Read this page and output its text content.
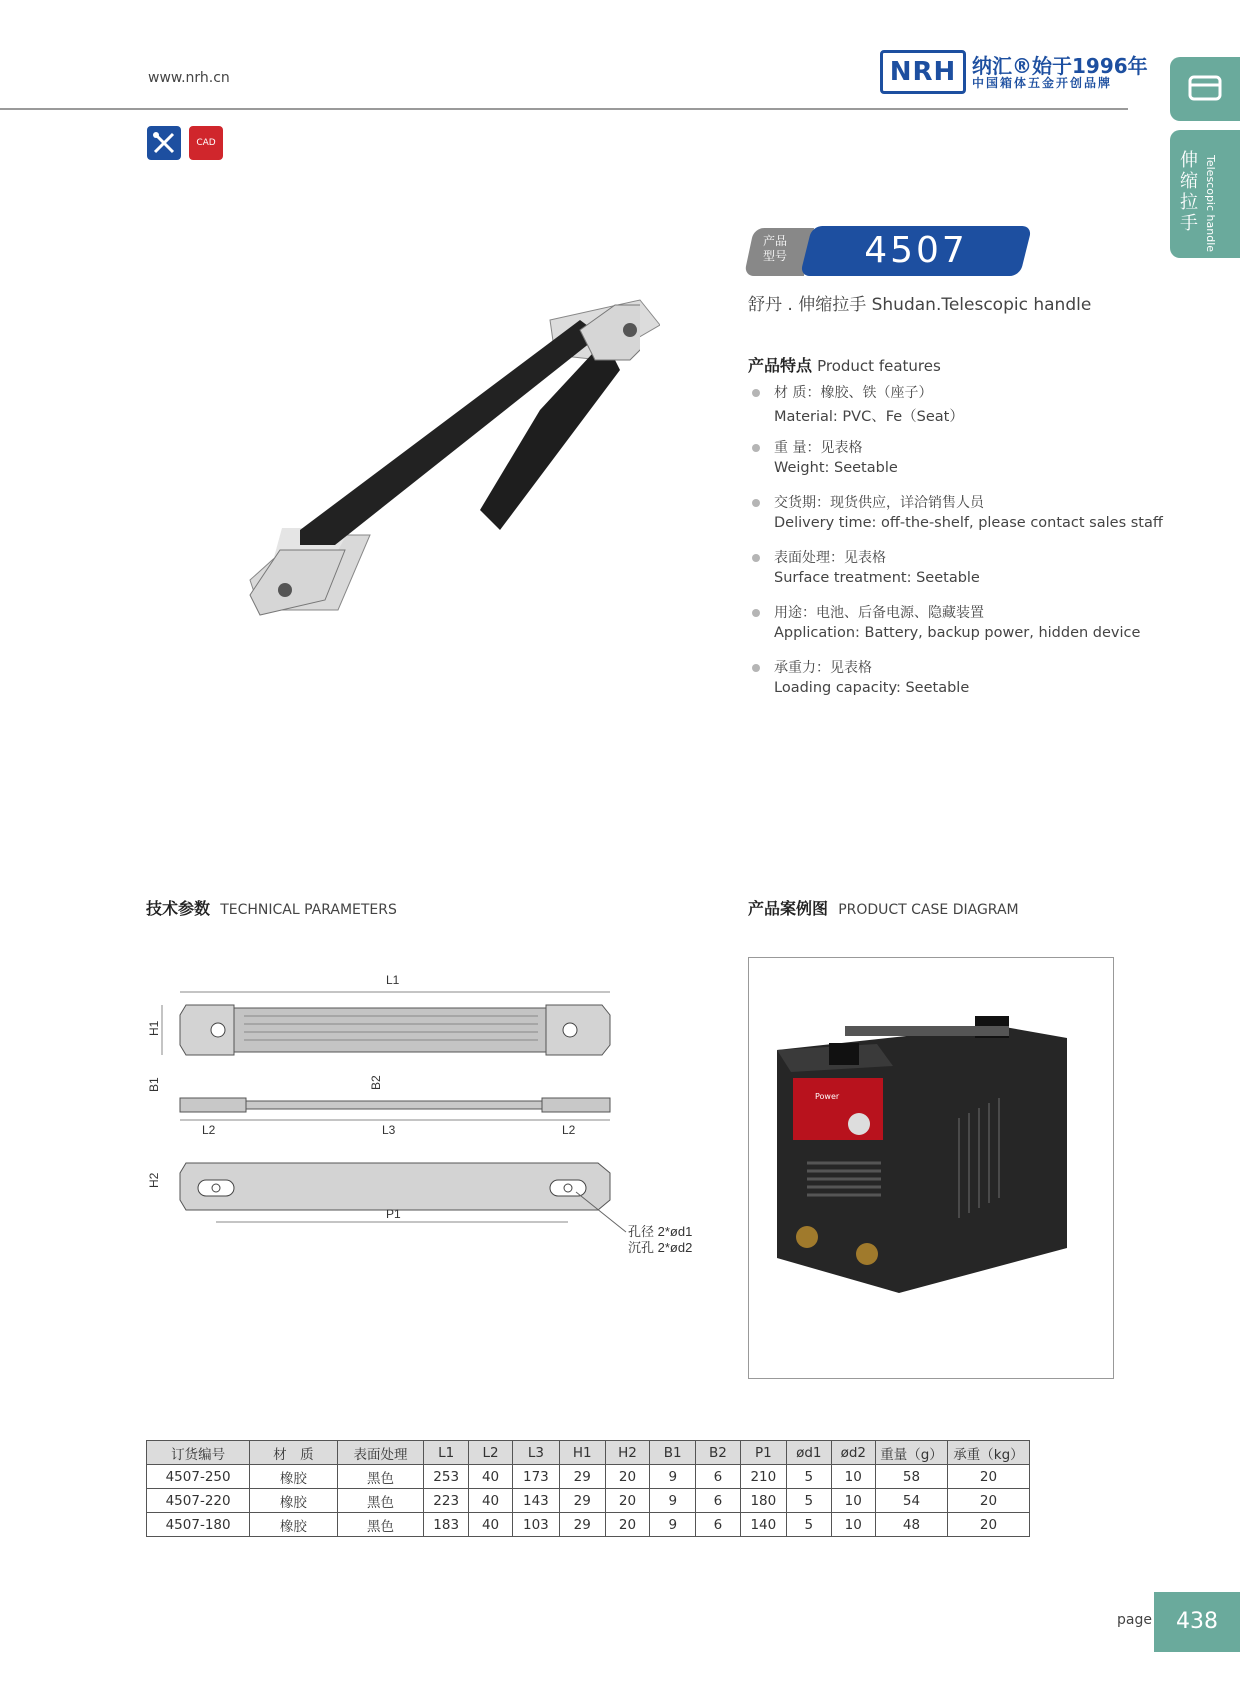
www.nrh.cn	NRH 纳汇®始于1996年
中国箱体五金开创品牌
伸缩拉手 Telescopic handle
CAD
产品型号	4507
舒丹 . 伸缩拉手 Shudan.Telescopic handle
产品特点 Product features
材 质：橡胶、铁（座子）
Material: PVC、Fe（Seat）
重 量：见表格
Weight: Seetable
交货期：现货供应，详洽销售人员
Delivery time: off-the-shelf, please contact sales staff
表面处理：见表格
Surface treatment: Seetable
用途：电池、后备电源、隐藏装置
Application: Battery, backup power, hidden device
承重力：见表格
Loading capacity: Seetable
技术参数 TECHNICAL PARAMETERS	产品案例图 PRODUCT CASE DIAGRAM
L1
H1
B1	B2
L2	L3	L2
H2
P1
孔径 2*ød1
沉孔 2*ød2
Power
订货编号	材　质	表面处理	L1	L2	L3	H1	H2	B1	B2	P1	ød1	ød2	重量（g）	承重（kg）
4507-250	橡胶	黑色	253	40	173	29	20	9	6	210	5	10	58	20
4507-220	橡胶	黑色	223	40	143	29	20	9	6	180	5	10	54	20
4507-180	橡胶	黑色	183	40	103	29	20	9	6	140	5	10	48	20
page	438
